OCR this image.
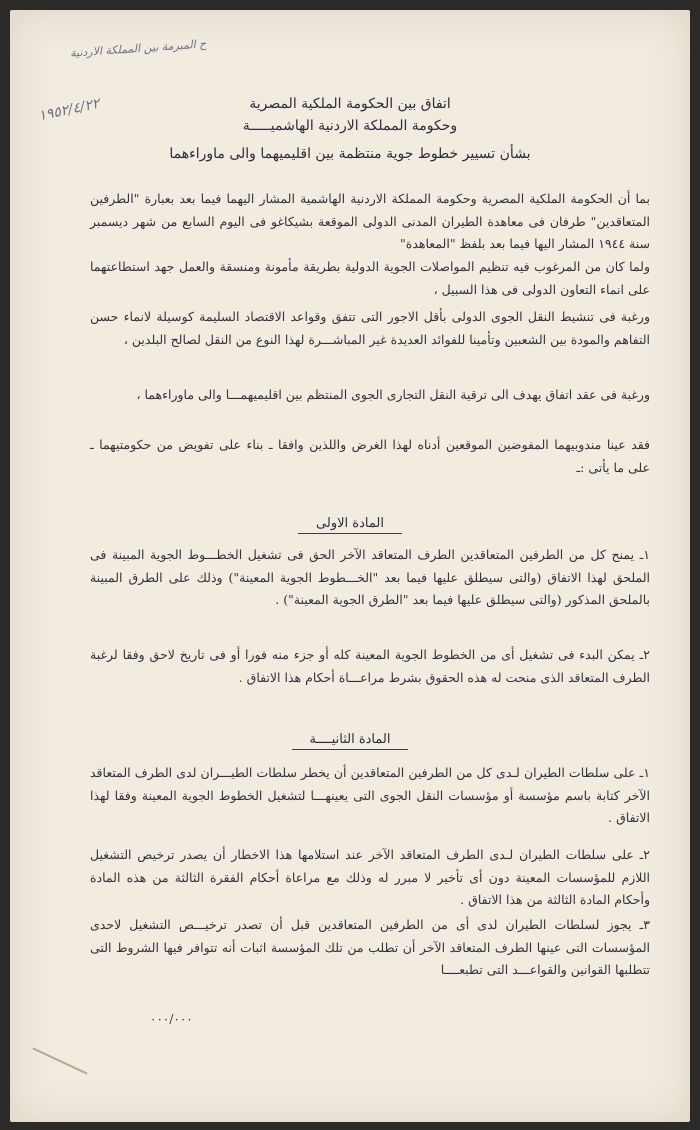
ح المبرمة بين المملكة الاردنية
١٩٥٢/٤/٢٢	اتفاق بين الحكومة الملكية المصرية
وحكومة المملكة الاردنية الهاشميـــــة
بشأن تسيير خطوط جوية منتظمة بين اقليميهما والى ماوراءهما
بما أن الحكومة الملكية المصرية وحكومة المملكة الاردنية الهاشمية المشار اليهما فيما بعد بعبارة "الطرفين المتعاقدين" طرفان فى معاهدة الطيران المدنى الدولى الموقعة بشيكاغو فى اليوم السابع من شهر ديسمبر سنة ١٩٤٤ المشار اليها فيما بعد بلفظ "المعاهدة"
ولما كان من المرغوب فيه تنظيم المواصلات الجوية الدولية بطريقة مأمونة ومنسقة والعمل جهد استطاعتهما على انماء التعاون الدولى فى هذا السبيل ،
ورغبة فى تنشيط النقل الجوى الدولى بأقل الاجور التى تتفق وقواعد الاقتصاد السليمة كوسيلة لانماء حسن التفاهم والمودة بين الشعبين وتأمينا للفوائد العديدة غير المباشـــرة لهذا النوع من النقل لصالح البلدين ،
ورغبة فى عقد اتفاق يهدف الى ترقية النقل التجارى الجوى المنتظم بين اقليميهمـــا والى ماوراءهما ،
فقد عينا مندوبيهما المفوضين الموقعين أدناه لهذا الغرض واللذين وافقا ـ بناء على تفويض من حكومتيهما ـ على ما يأتى :ـ
المادة الاولى
١ـ يمنح كل من الطرفين المتعاقدين الطرف المتعاقد الآخر الحق فى تشغيل الخطـــوط الجوية المبينة فى الملحق لهذا الاتفاق (والتى سيطلق عليها فيما بعد "الخـــطوط الجوية المعينة") وذلك على الطرق المبينة بالملحق المذكور (والتى سيطلق عليها فيما بعد "الطرق الجوية المعينة") .
٢ـ يمكن البدء فى تشغيل أى من الخطوط الجوية المعينة كله أو جزء منه فورا أو فى تاريخ لاحق وفقا لرغبة الطرف المتعاقد الذى منحت له هذه الحقوق بشرط مراعـــاة أحكام هذا الاتفاق .
المادة الثانيــــة
١ـ على سلطات الطيران لـدى كل من الطرفين المتعاقدين أن يخطر سلطات الطيـــران لدى الطرف المتعاقد الآخر كتابة باسم مؤسسة أو مؤسسات النقل الجوى التى يعينهـــا لتشغيل الخطوط الجوية المعينة وفقا لهذا الاتفاق .
٢ـ على سلطات الطيران لـدى الطرف المتعاقد الآخر عند استلامها هذا الاخطار أن يصدر ترخيص التشغيل اللازم للمؤسسات المعينة دون أى تأخير لا مبرر له وذلك مع مراعاة أحكام الفقرة الثالثة من هذه المادة وأحكام المادة الثالثة من هذا الاتفاق .
٣ـ يجوز لسلطات الطيران لدى أى من الطرفين المتعاقدين قبل أن تصدر ترخيـــص التشغيل لاحدى المؤسسات التى عينها الطرف المتعاقد الآخر أن تطلب من تلك المؤسسة اثبات أنه تتوافر فيها الشروط التى تتطلبها القوانين والقواعـــد التى تطبعــــا
٠٠٠/٠٠٠
